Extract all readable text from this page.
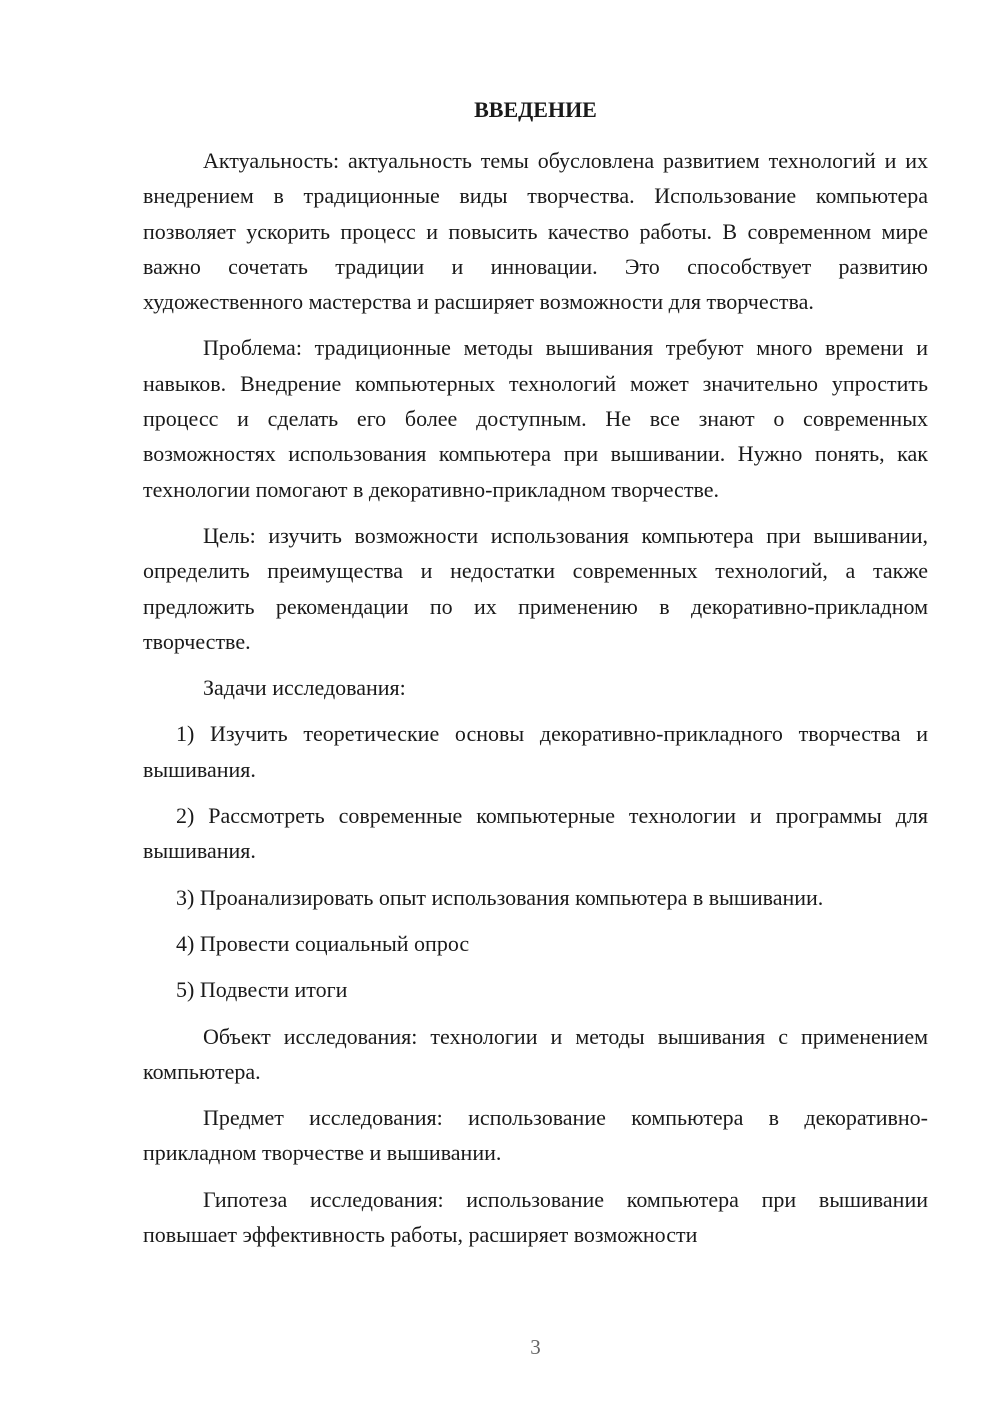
ВВЕДЕНИЕ

Актуальность: актуальность темы обусловлена развитием технологий и их внедрением в традиционные виды творчества. Использование компьютера позволяет ускорить процесс и повысить качество работы. В современном мире важно сочетать традиции и инновации. Это способствует развитию художественного мастерства и расширяет возможности для творчества.

Проблема: традиционные методы вышивания требуют много времени и навыков. Внедрение компьютерных технологий может значительно упростить процесс и сделать его более доступным. Не все знают о современных возможностях использования компьютера при вышивании. Нужно понять, как технологии помогают в декоративно-прикладном творчестве.

Цель: изучить возможности использования компьютера при вышивании, определить преимущества и недостатки современных технологий, а также предложить рекомендации по их применению в декоративно-прикладном творчестве.

Задачи исследования:

1) Изучить теоретические основы декоративно-прикладного творчества и вышивания.

2) Рассмотреть современные компьютерные технологии и программы для вышивания.

3) Проанализировать опыт использования компьютера в вышивании.

4) Провести социальный опрос

5) Подвести итоги

Объект исследования: технологии и методы вышивания с применением компьютера.

Предмет исследования: использование компьютера в декоративно-прикладном творчестве и вышивании.

Гипотеза исследования: использование компьютера при вышивании повышает эффективность работы, расширяет возможности

3
